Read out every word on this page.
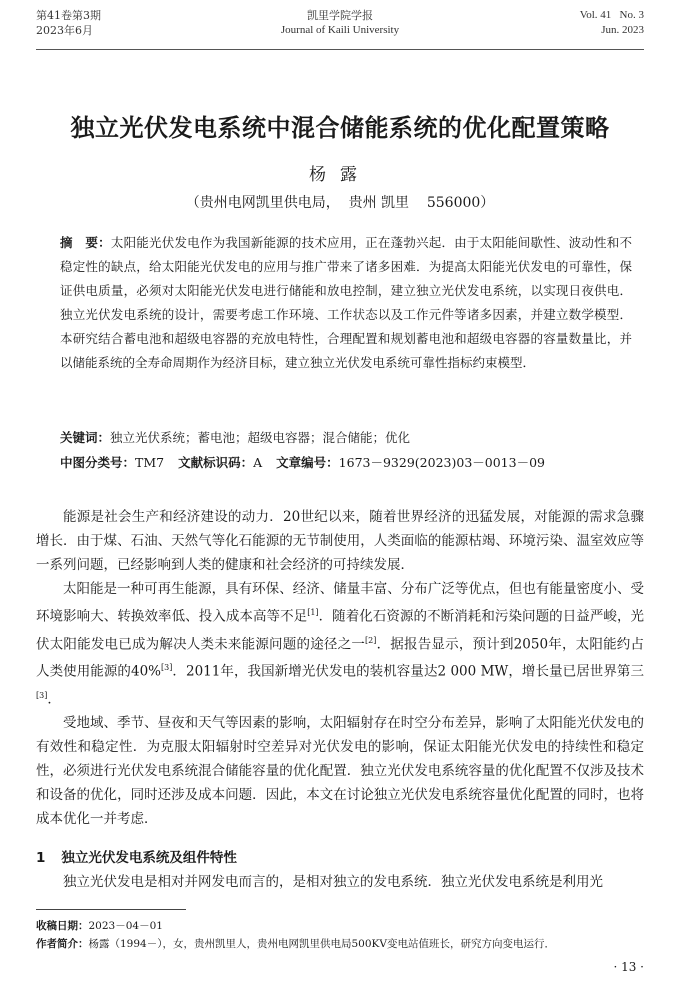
第41卷第3期
2023年6月
凯里学院学报
Journal of Kaili University
Vol. 41   No. 3
Jun. 2023
独立光伏发电系统中混合储能系统的优化配置策略
杨露
（贵州电网凯里供电局，  贵州 凯里    556000）
摘　要：太阳能光伏发电作为我国新能源的技术应用，正在蓬勃兴起．由于太阳能间歇性、波动性和不稳定性的缺点，给太阳能光伏发电的应用与推广带来了诸多困难．为提高太阳能光伏发电的可靠性，保证供电质量，必须对太阳能光伏发电进行储能和放电控制，建立独立光伏发电系统，以实现日夜供电．独立光伏发电系统的设计，需要考虑工作环境、工作状态以及工作元件等诸多因素，并建立数学模型．本研究结合蓄电池和超级电容器的充放电特性，合理配置和规划蓄电池和超级电容器的容量数量比，并以储能系统的全寿命周期作为经济目标，建立独立光伏发电系统可靠性指标约束模型．
关键词：独立光伏系统；蓄电池；超级电容器；混合储能；优化
中图分类号：TM7 文献标识码：A 文章编号：1673－9329(2023)03－0013－09

能源是社会生产和经济建设的动力．20世纪以来，随着世界经济的迅猛发展，对能源的需求急骤增长．由于煤、石油、天然气等化石能源的无节制使用，人类面临的能源枯竭、环境污染、温室效应等一系列问题，已经影响到人类的健康和社会经济的可持续发展．

太阳能是一种可再生能源，具有环保、经济、储量丰富、分布广泛等优点，但也有能量密度小、受环境影响大、转换效率低、投入成本高等不足[1]．随着化石资源的不断消耗和污染问题的日益严峻，光伏太阳能发电已成为解决人类未来能源问题的途径之一[2]．据报告显示，预计到2050年，太阳能约占人类使用能源的40%[3]．2011年，我国新增光伏发电的装机容量达2 000 MW，增长量已居世界第三[3]．

受地域、季节、昼夜和天气等因素的影响，太阳辐射存在时空分布差异，影响了太阳能光伏发电的有效性和稳定性．为克服太阳辐射时空差异对光伏发电的影响，保证太阳能光伏发电的持续性和稳定性，必须进行光伏发电系统混合储能容量的优化配置．独立光伏发电系统容量的优化配置不仅涉及技术和设备的优化，同时还涉及成本问题．因此，本文在讨论独立光伏发电系统容量优化配置的同时，也将成本优化一并考虑．

1 独立光伏发电系统及组件特性
独立光伏发电是相对并网发电而言的，是相对独立的发电系统．独立光伏发电系统是利用光
收稿日期：2023－04－01
作者简介：杨露（1994－），女，贵州凯里人，贵州电网凯里供电局500KV变电站值班长，研究方向变电运行．
· 13 ·
